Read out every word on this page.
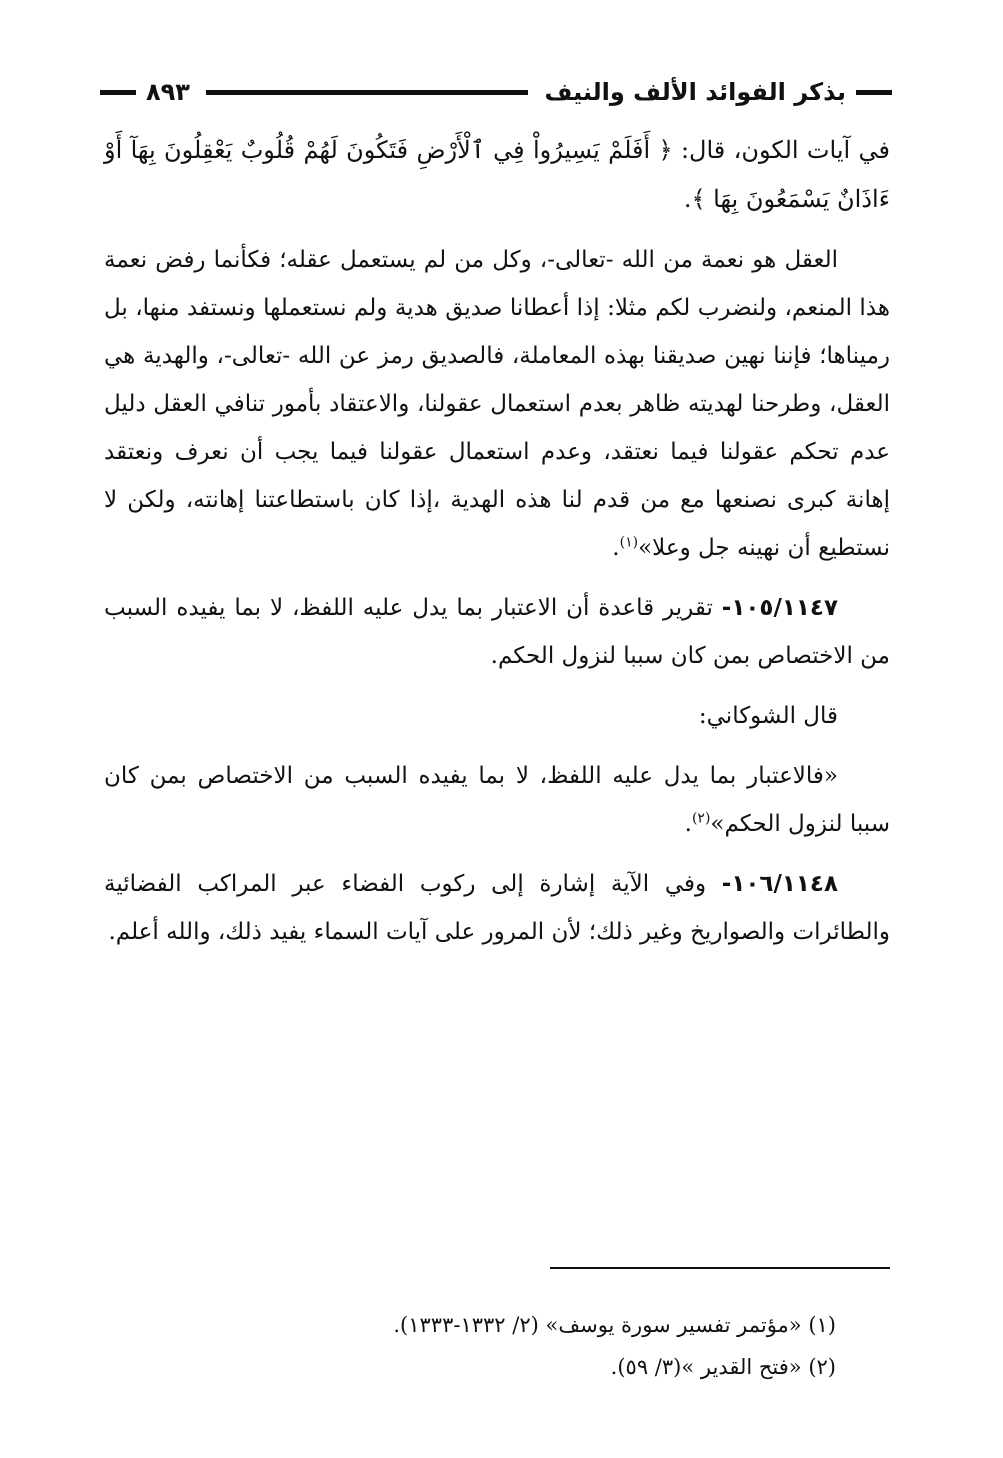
بذكر الفوائد الألف والنيف
٨٩٣

في آيات الكون، قال: ﴿ أَفَلَمْ يَسِيرُواْ فِي ٱلْأَرْضِ فَتَكُونَ لَهُمْ قُلُوبٌ يَعْقِلُونَ بِهَآ أَوْ ءَاذَانٌ يَسْمَعُونَ بِهَا ﴾.

العقل هو نعمة من الله -تعالى-، وكل من لم يستعمل عقله؛ فكأنما رفض نعمة هذا المنعم، ولنضرب لكم مثلا: إذا أعطانا صديق هدية ولم نستعملها ونستفد منها، بل رميناها؛ فإننا نهين صديقنا بهذه المعاملة، فالصديق رمز عن الله -تعالى-، والهدية هي العقل، وطرحنا لهديته ظاهر بعدم استعمال عقولنا، والاعتقاد بأمور تنافي العقل دليل عدم تحكم عقولنا فيما نعتقد، وعدم استعمال عقولنا فيما يجب أن نعرف ونعتقد إهانة كبرى نصنعها مع من قدم لنا هذه الهدية ،إذا كان باستطاعتنا إهانته، ولكن لا نستطيع أن نهينه جل وعلا»$^{(١)}$.

١٠٥/١١٤٧- تقرير قاعدة أن الاعتبار بما يدل عليه اللفظ، لا بما يفيده السبب من الاختصاص بمن كان سببا لنزول الحكم.

قال الشوكاني:

«فالاعتبار بما يدل عليه اللفظ، لا بما يفيده السبب من الاختصاص بمن كان سببا لنزول الحكم»$^{(٢)}$.

١٠٦/١١٤٨- وفي الآية إشارة إلى ركوب الفضاء عبر المراكب الفضائية والطائرات والصواريخ وغير ذلك؛ لأن المرور على آيات السماء يفيد ذلك، والله أعلم.

(١) «مؤتمر تفسير سورة يوسف» (٢/ ١٣٣٢-١٣٣٣).
(٢) «فتح القدير »(٣/ ٥٩).
